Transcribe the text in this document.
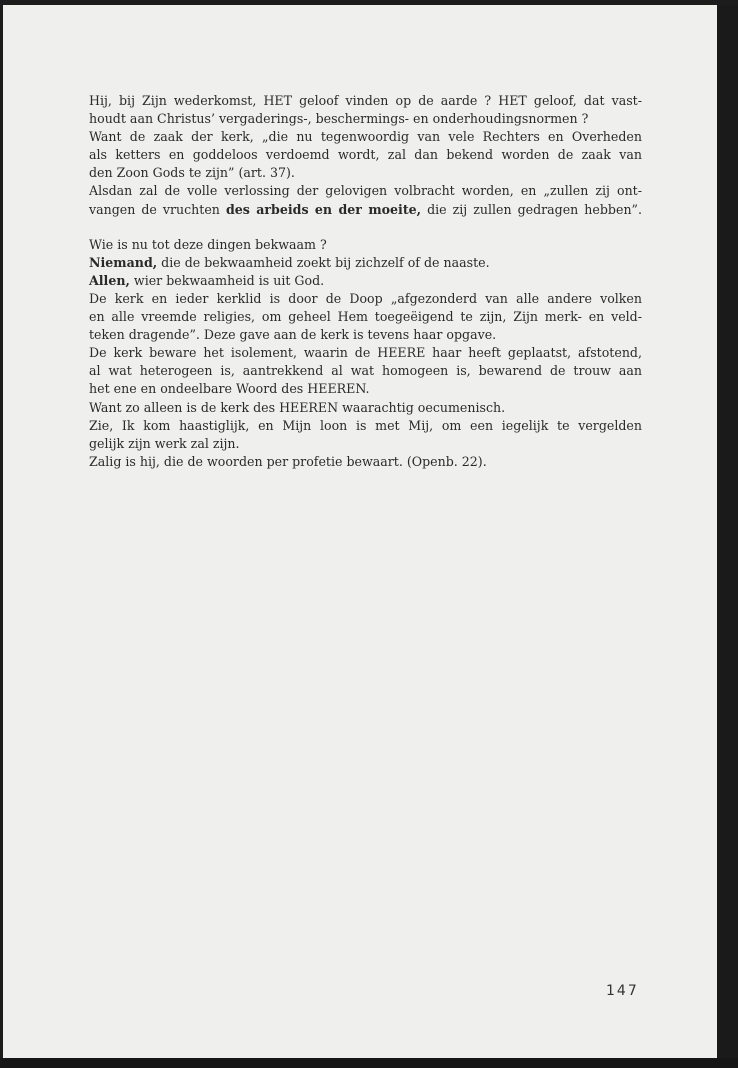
Hij, bij Zijn wederkomst, HET geloof vinden op de aarde ? HET geloof, dat vast-
houdt aan Christus’ vergaderings-, beschermings- en onderhoudingsnormen ?
Want de zaak der kerk, „die nu tegenwoordig van vele Rechters en Overheden
als ketters en goddeloos verdoemd wordt, zal dan bekend worden de zaak van
den Zoon Gods te zijn” (art. 37).
Alsdan zal de volle verlossing der gelovigen volbracht worden, en „zullen zij ont-
vangen de vruchten des arbeids en der moeite, die zij zullen gedragen hebben”.
Wie is nu tot deze dingen bekwaam ?
Niemand, die de bekwaamheid zoekt bij zichzelf of de naaste.
Allen, wier bekwaamheid is uit God.
De kerk en ieder kerklid is door de Doop „afgezonderd van alle andere volken
en alle vreemde religies, om geheel Hem toegeëigend te zijn, Zijn merk- en veld-
teken dragende”. Deze gave aan de kerk is tevens haar opgave.
De kerk beware het isolement, waarin de HEERE haar heeft geplaatst, afstotend,
al wat heterogeen is, aantrekkend al wat homogeen is, bewarend de trouw aan
het ene en ondeelbare Woord des HEEREN.
Want zo alleen is de kerk des HEEREN waarachtig oecumenisch.
Zie, Ik kom haastiglijk, en Mijn loon is met Mij, om een iegelijk te vergelden
gelijk zijn werk zal zijn.
Zalig is hij, die de woorden per profetie bewaart. (Openb. 22).
147
